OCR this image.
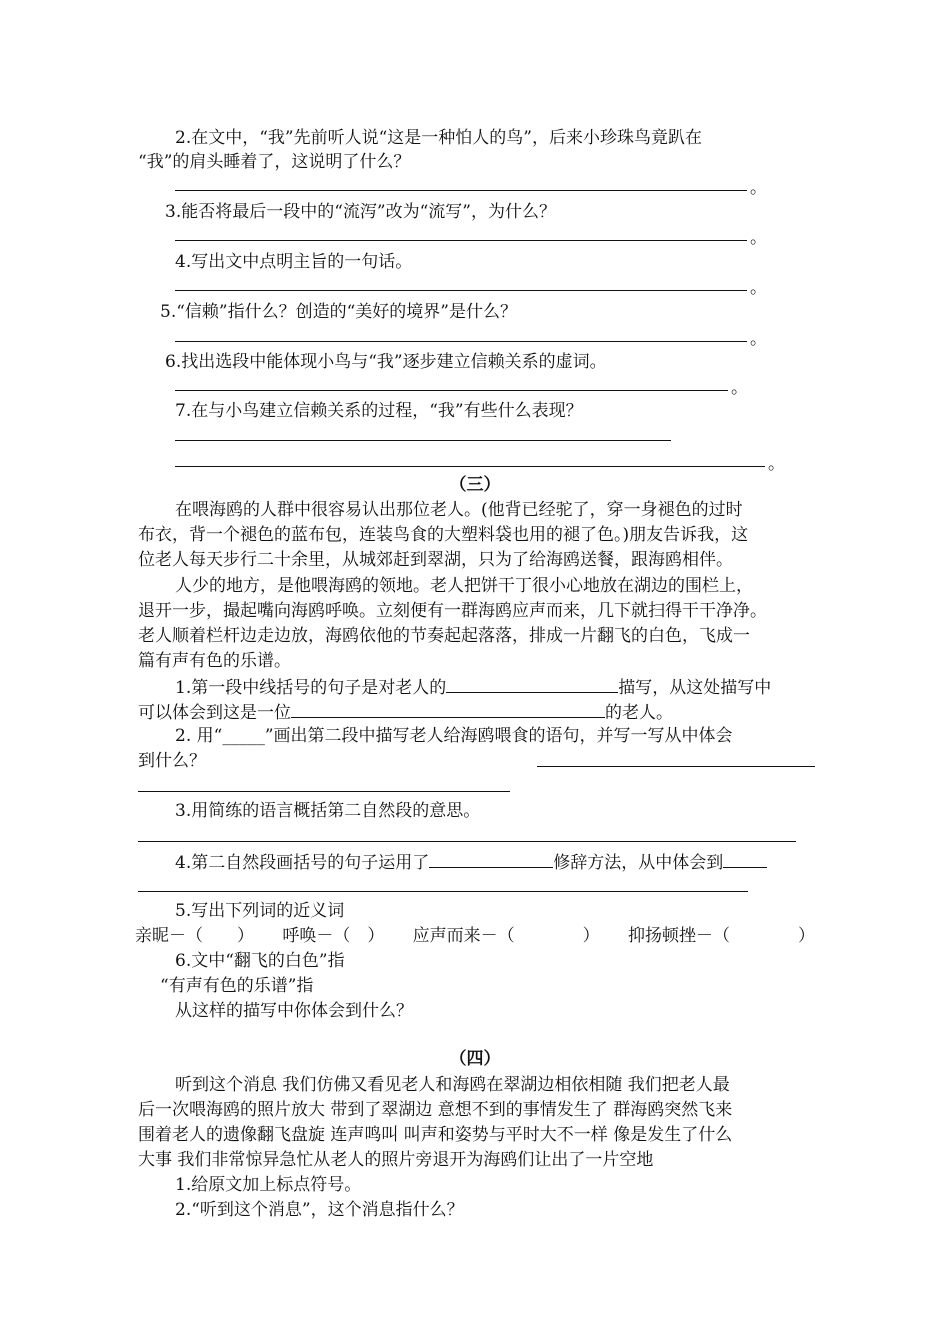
2.在文中，“我”先前听人说“这是一种怕人的鸟”，后来小珍珠鸟竟趴在
“我”的肩头睡着了，这说明了什么？
。
3.能否将最后一段中的“流泻”改为“流写”，为什么？
。
4.写出文中点明主旨的一句话。
。
5.“信赖”指什么？创造的“美好的境界”是什么？
。
6.找出选段中能体现小鸟与“我”逐步建立信赖关系的虚词。
。
7.在与小鸟建立信赖关系的过程，“我”有些什么表现？
。
（三）
在喂海鸥的人群中很容易认出那位老人。(他背已经驼了，穿一身褪色的过时
布衣，背一个褪色的蓝布包，连装鸟食的大塑料袋也用的褪了色。)朋友告诉我，这
位老人每天步行二十余里，从城郊赶到翠湖，只为了给海鸥送餐，跟海鸥相伴。
人少的地方，是他喂海鸥的领地。老人把饼干丁很小心地放在湖边的围栏上，
退开一步，撮起嘴向海鸥呼唤。立刻便有一群海鸥应声而来，几下就扫得干干净净。
老人顺着栏杆边走边放，海鸥依他的节奏起起落落，排成一片翻飞的白色，飞成一
篇有声有色的乐谱。
1.第一段中线括号的句子是对老人的	描写，从这处描写中
可以体会到这是一位	的老人。
2. 用“_____”画出第二段中描写老人给海鸥喂食的语句，并写一写从中体会
到什么？
3.用简练的语言概括第二自然段的意思。
4.第二自然段画括号的句子运用了	修辞方法，从中体会到
5.写出下列词的近义词
亲昵－（　　） 呼唤－（　） 应声而来－（　　　　） 抑扬顿挫－（　　　　）
6.文中“翻飞的白色”指
“有声有色的乐谱”指
从这样的描写中你体会到什么？
（四）
听到这个消息 我们仿佛又看见老人和海鸥在翠湖边相依相随 我们把老人最
后一次喂海鸥的照片放大 带到了翠湖边 意想不到的事情发生了 群海鸥突然飞来
围着老人的遗像翻飞盘旋 连声鸣叫 叫声和姿势与平时大不一样 像是发生了什么
大事 我们非常惊异急忙从老人的照片旁退开为海鸥们让出了一片空地
1.给原文加上标点符号。
2.“听到这个消息”，这个消息指什么？
